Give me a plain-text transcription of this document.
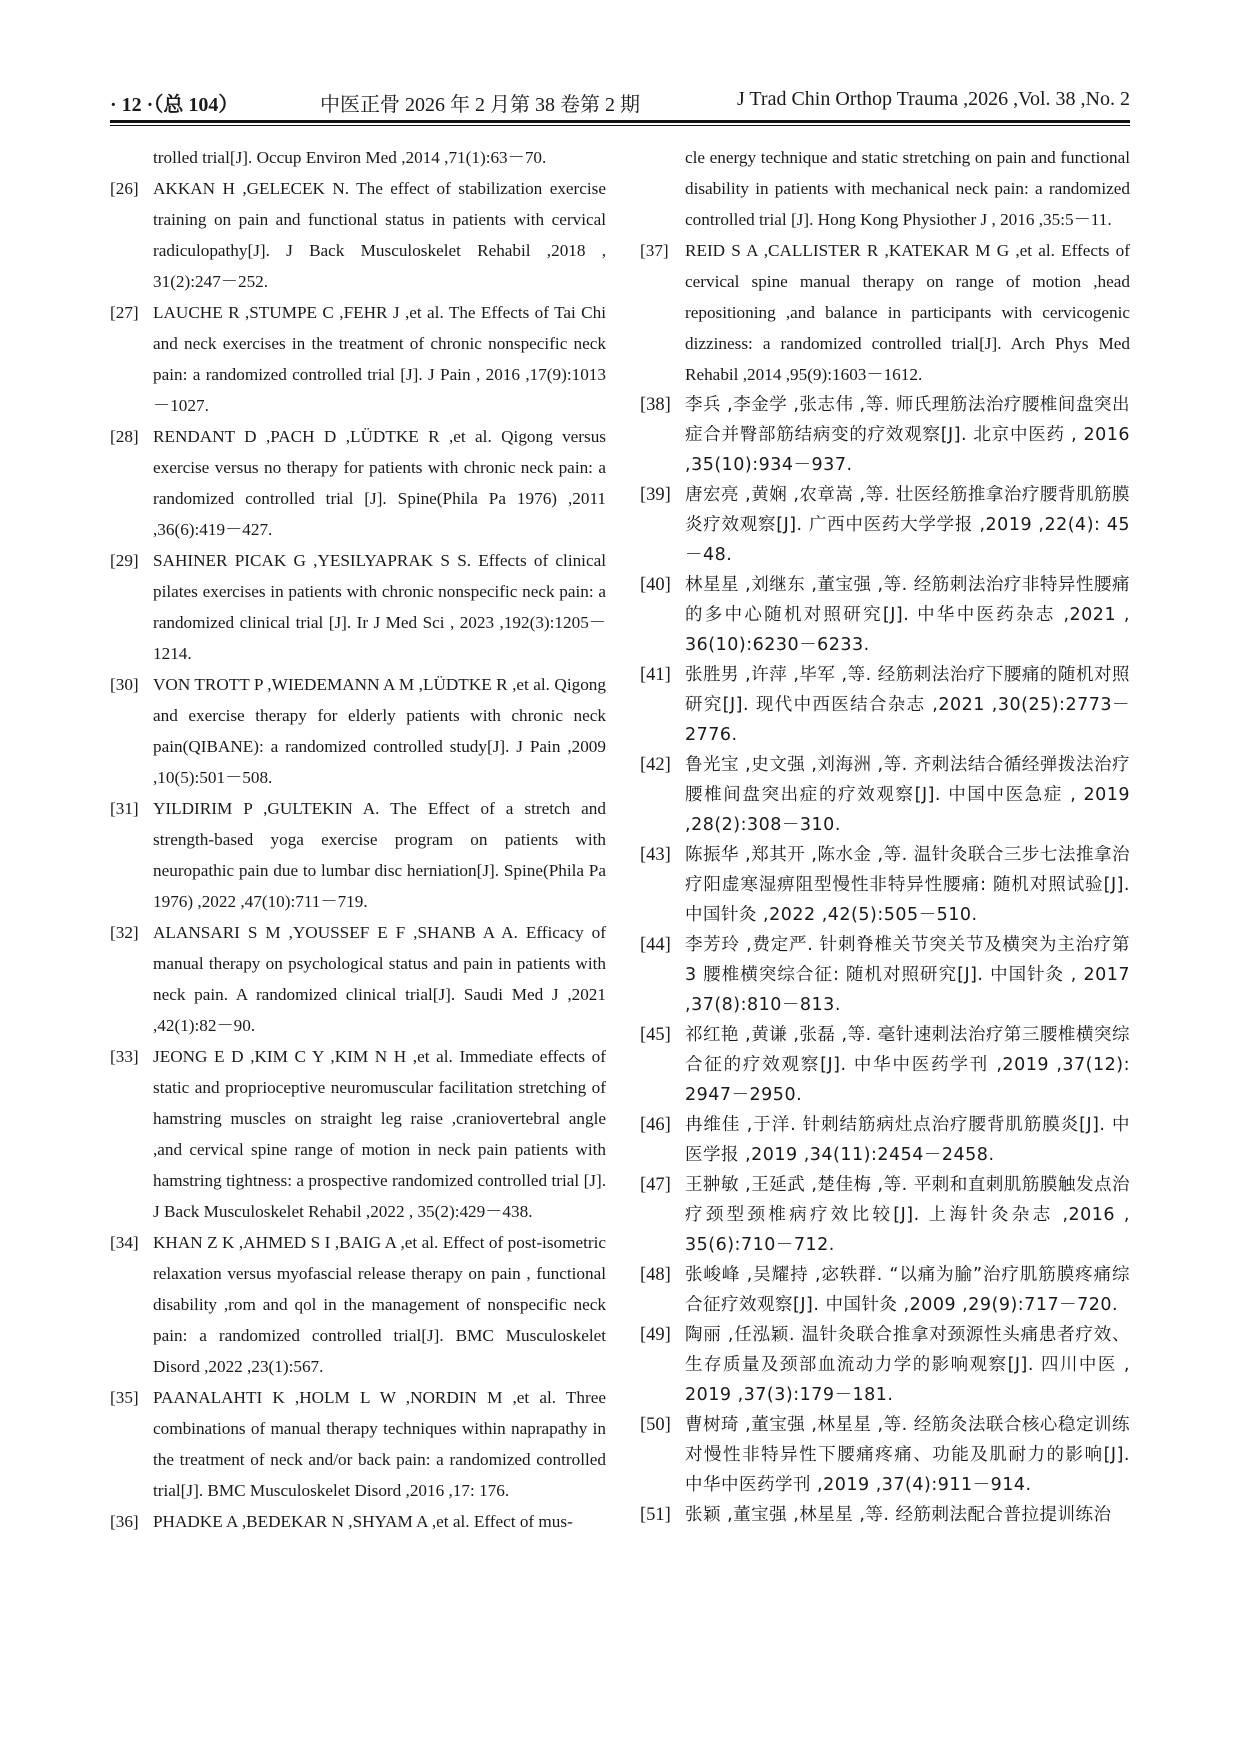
· 12 ·（总 104）	中医正骨 2026 年 2 月第 38 卷第 2 期	J Trad Chin Orthop Trauma ,2026 ,Vol. 38 ,No. 2
trolled trial[J]. Occup Environ Med ,2014 ,71(1):63－70.
[26] AKKAN H ,GELECEK N. The effect of stabilization exercise training on pain and functional status in patients with cervical radiculopathy[J]. J Back Musculoskelet Rehabil ,2018 , 31(2):247－252.
[27] LAUCHE R ,STUMPE C ,FEHR J ,et al. The Effects of Tai Chi and neck exercises in the treatment of chronic nonspecific neck pain: a randomized controlled trial [J]. J Pain , 2016 ,17(9):1013－1027.
[28] RENDANT D ,PACH D ,LÜDTKE R ,et al. Qigong versus exercise versus no therapy for patients with chronic neck pain: a randomized controlled trial [J]. Spine(Phila Pa 1976) ,2011 ,36(6):419－427.
[29] SAHINER PICAK G ,YESILYAPRAK S S. Effects of clinical pilates exercises in patients with chronic nonspecific neck pain: a randomized clinical trial [J]. Ir J Med Sci , 2023 ,192(3):1205－1214.
[30] VON TROTT P ,WIEDEMANN A M ,LÜDTKE R ,et al. Qigong and exercise therapy for elderly patients with chronic neck pain(QIBANE): a randomized controlled study[J]. J Pain ,2009 ,10(5):501－508.
[31] YILDIRIM P ,GULTEKIN A. The Effect of a stretch and strength-based yoga exercise program on patients with neuropathic pain due to lumbar disc herniation[J]. Spine(Phila Pa 1976) ,2022 ,47(10):711－719.
[32] ALANSARI S M ,YOUSSEF E F ,SHANB A A. Efficacy of manual therapy on psychological status and pain in patients with neck pain. A randomized clinical trial[J]. Saudi Med J ,2021 ,42(1):82－90.
[33] JEONG E D ,KIM C Y ,KIM N H ,et al. Immediate effects of static and proprioceptive neuromuscular facilitation stretching of hamstring muscles on straight leg raise ,craniovertebral angle ,and cervical spine range of motion in neck pain patients with hamstring tightness: a prospective randomized controlled trial [J]. J Back Musculoskelet Rehabil ,2022 , 35(2):429－438.
[34] KHAN Z K ,AHMED S I ,BAIG A ,et al. Effect of post-isometric relaxation versus myofascial release therapy on pain , functional disability ,rom and qol in the management of nonspecific neck pain: a randomized controlled trial[J]. BMC Musculoskelet Disord ,2022 ,23(1):567.
[35] PAANALAHTI K ,HOLM L W ,NORDIN M ,et al. Three combinations of manual therapy techniques within naprapathy in the treatment of neck and/or back pain: a randomized controlled trial[J]. BMC Musculoskelet Disord ,2016 ,17: 176.
[36] PHADKE A ,BEDEKAR N ,SHYAM A ,et al. Effect of mus-
cle energy technique and static stretching on pain and functional disability in patients with mechanical neck pain: a randomized controlled trial [J]. Hong Kong Physiother J , 2016 ,35:5－11.
[37] REID S A ,CALLISTER R ,KATEKAR M G ,et al. Effects of cervical spine manual therapy on range of motion ,head repositioning ,and balance in participants with cervicogenic dizziness: a randomized controlled trial[J]. Arch Phys Med Rehabil ,2014 ,95(9):1603－1612.
[38] 李兵 ,李金学 ,张志伟 ,等. 师氏理筋法治疗腰椎间盘突出症合并臀部筋结病变的疗效观察[J]. 北京中医药 , 2016 ,35(10):934－937.
[39] 唐宏亮 ,黄娴 ,农章嵩 ,等. 壮医经筋推拿治疗腰背肌筋膜炎疗效观察[J]. 广西中医药大学学报 ,2019 ,22(4): 45－48.
[40] 林星星 ,刘继东 ,董宝强 ,等. 经筋刺法治疗非特异性腰痛的多中心随机对照研究[J]. 中华中医药杂志 ,2021 , 36(10):6230－6233.
[41] 张胜男 ,许萍 ,毕军 ,等. 经筋刺法治疗下腰痛的随机对照研究[J]. 现代中西医结合杂志 ,2021 ,30(25):2773－ 2776.
[42] 鲁光宝 ,史文强 ,刘海洲 ,等. 齐刺法结合循经弹拨法治疗腰椎间盘突出症的疗效观察[J]. 中国中医急症 , 2019 ,28(2):308－310.
[43] 陈振华 ,郑其开 ,陈水金 ,等. 温针灸联合三步七法推拿治疗阳虚寒湿痹阻型慢性非特异性腰痛: 随机对照试验[J]. 中国针灸 ,2022 ,42(5):505－510.
[44] 李芳玲 ,费定严. 针刺脊椎关节突关节及横突为主治疗第 3 腰椎横突综合征: 随机对照研究[J]. 中国针灸 , 2017 ,37(8):810－813.
[45] 祁红艳 ,黄谦 ,张磊 ,等. 毫针速刺法治疗第三腰椎横突综合征的疗效观察[J]. 中华中医药学刊 ,2019 ,37(12): 2947－2950.
[46] 冉维佳 ,于洋. 针刺结筋病灶点治疗腰背肌筋膜炎[J]. 中医学报 ,2019 ,34(11):2454－2458.
[47] 王翀敏 ,王延武 ,楚佳梅 ,等. 平刺和直刺肌筋膜触发点治疗颈型颈椎病疗效比较[J]. 上海针灸杂志 ,2016 , 35(6):710－712.
[48] 张峻峰 ,吴耀持 ,宓轶群. “以痛为腧”治疗肌筋膜疼痛综合征疗效观察[J]. 中国针灸 ,2009 ,29(9):717－720.
[49] 陶丽 ,任泓颖. 温针灸联合推拿对颈源性头痛患者疗效、生存质量及颈部血流动力学的影响观察[J]. 四川中医 , 2019 ,37(3):179－181.
[50] 曹树琦 ,董宝强 ,林星星 ,等. 经筋灸法联合核心稳定训练对慢性非特异性下腰痛疼痛、功能及肌耐力的影响[J]. 中华中医药学刊 ,2019 ,37(4):911－914.
[51] 张颖 ,董宝强 ,林星星 ,等. 经筋刺法配合普拉提训练治
